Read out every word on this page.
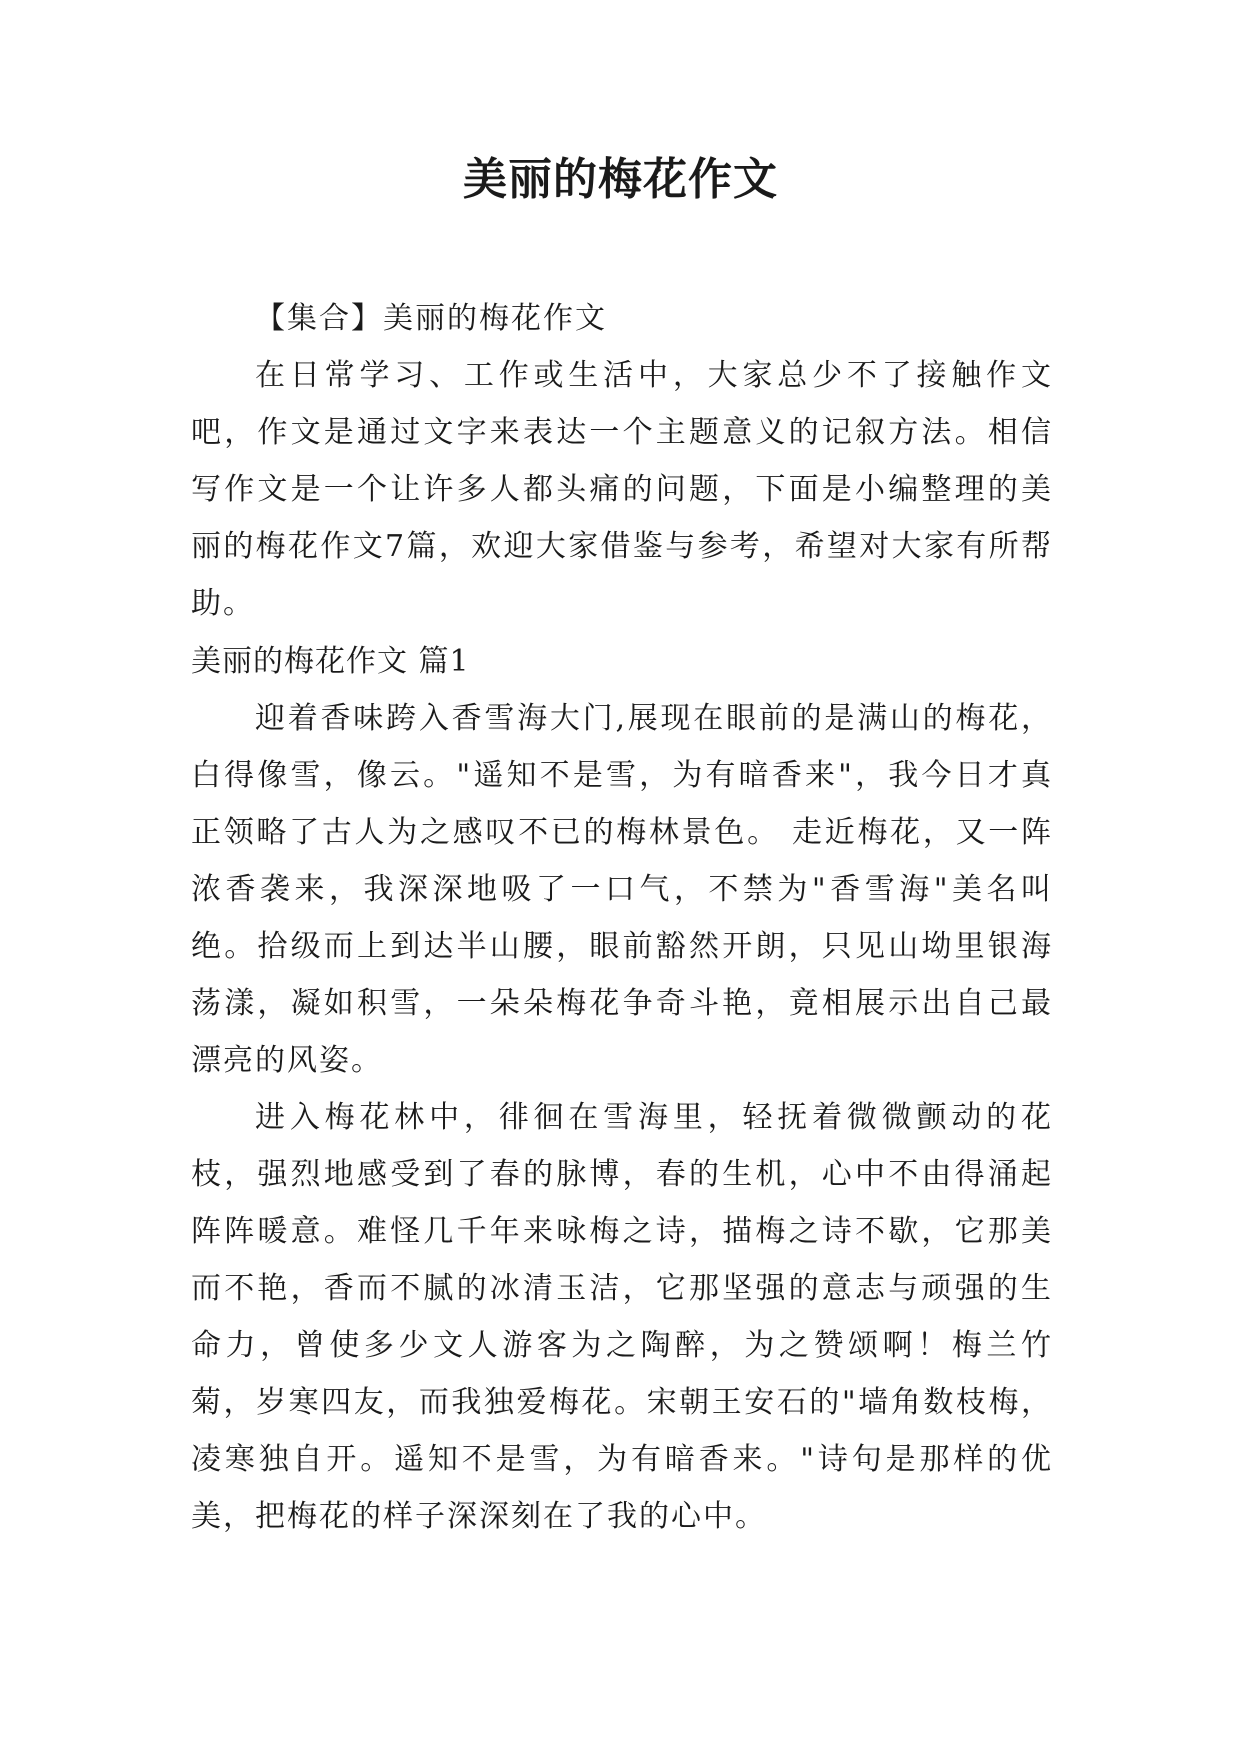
美丽的梅花作文

【集合】美丽的梅花作文

在日常学习、工作或生活中，大家总少不了接触作文吧，作文是通过文字来表达一个主题意义的记叙方法。相信写作文是一个让许多人都头痛的问题，下面是小编整理的美丽的梅花作文7篇，欢迎大家借鉴与参考，希望对大家有所帮助。

美丽的梅花作文 篇1

迎着香味跨入香雪海大门,展现在眼前的是满山的梅花，白得像雪，像云。"遥知不是雪，为有暗香来"，我今日才真正领略了古人为之感叹不已的梅林景色。 走近梅花，又一阵浓香袭来，我深深地吸了一口气，不禁为"香雪海"美名叫绝。拾级而上到达半山腰，眼前豁然开朗，只见山坳里银海荡漾，凝如积雪，一朵朵梅花争奇斗艳，竟相展示出自己最漂亮的风姿。

进入梅花林中，徘徊在雪海里，轻抚着微微颤动的花枝，强烈地感受到了春的脉博，春的生机，心中不由得涌起阵阵暖意。难怪几千年来咏梅之诗，描梅之诗不歇，它那美而不艳，香而不腻的冰清玉洁，它那坚强的意志与顽强的生命力，曾使多少文人游客为之陶醉，为之赞颂啊！梅兰竹菊，岁寒四友，而我独爱梅花。宋朝王安石的"墙角数枝梅，凌寒独自开。遥知不是雪，为有暗香来。"诗句是那样的优美，把梅花的样子深深刻在了我的心中。
